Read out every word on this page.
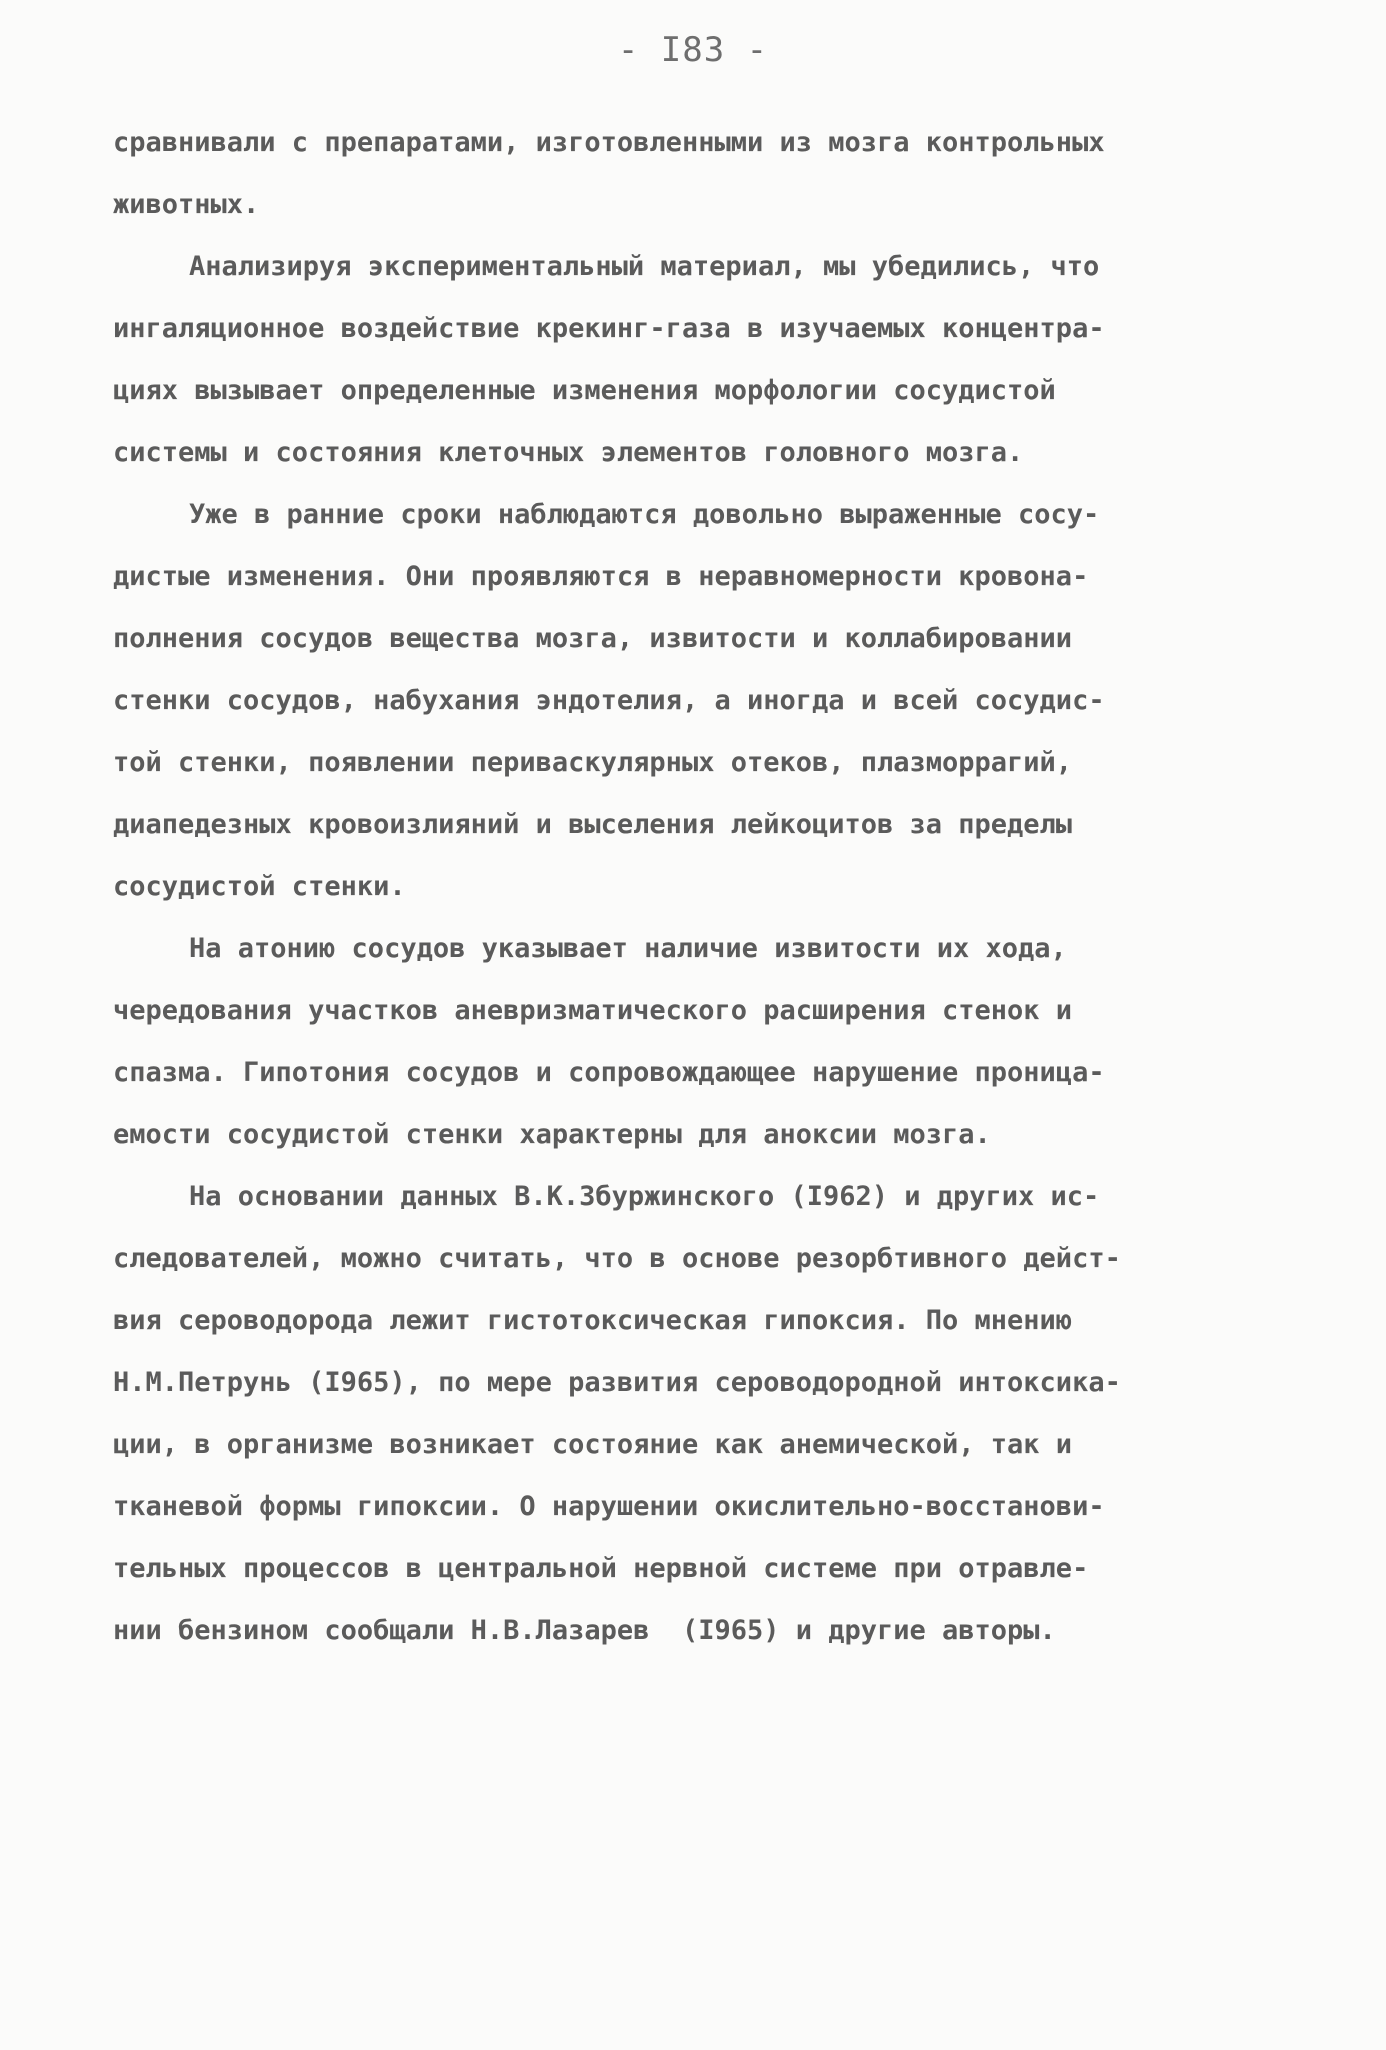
- I83 -
сравнивали с препаратами, изготовленными из мозга контрольных
животных.
Анализируя экспериментальный материал, мы убедились, что
ингаляционное воздействие крекинг-газа в изучаемых концентра-
циях вызывает определенные изменения морфологии сосудистой
системы и состояния клеточных элементов головного мозга.
Уже в ранние сроки наблюдаются довольно выраженные сосу-
дистые изменения. Они проявляются в неравномерности кровона-
полнения сосудов вещества мозга, извитости и коллабировании
стенки сосудов, набухания эндотелия, а иногда и всей сосудис-
той стенки, появлении периваскулярных отеков, плазморрагий,
диапедезных кровоизлияний и выселения лейкоцитов за пределы
сосудистой стенки.
На атонию сосудов указывает наличие извитости их хода,
чередования участков аневризматического расширения стенок и
спазма. Гипотония сосудов и сопровождающее нарушение проница-
емости сосудистой стенки характерны для аноксии мозга.
На основании данных В.К.Збуржинского (I962) и других ис-
следователей, можно считать, что в основе резорбтивного дейст-
вия сероводорода лежит гистотоксическая гипоксия. По мнению
Н.М.Петрунь (I965), по мере развития сероводородной интоксика-
ции, в организме возникает состояние как анемической, так и
тканевой формы гипоксии. О нарушении окислительно-восстанови-
тельных процессов в центральной нервной системе при отравле-
нии бензином сообщали Н.В.Лазарев  (I965) и другие авторы.
